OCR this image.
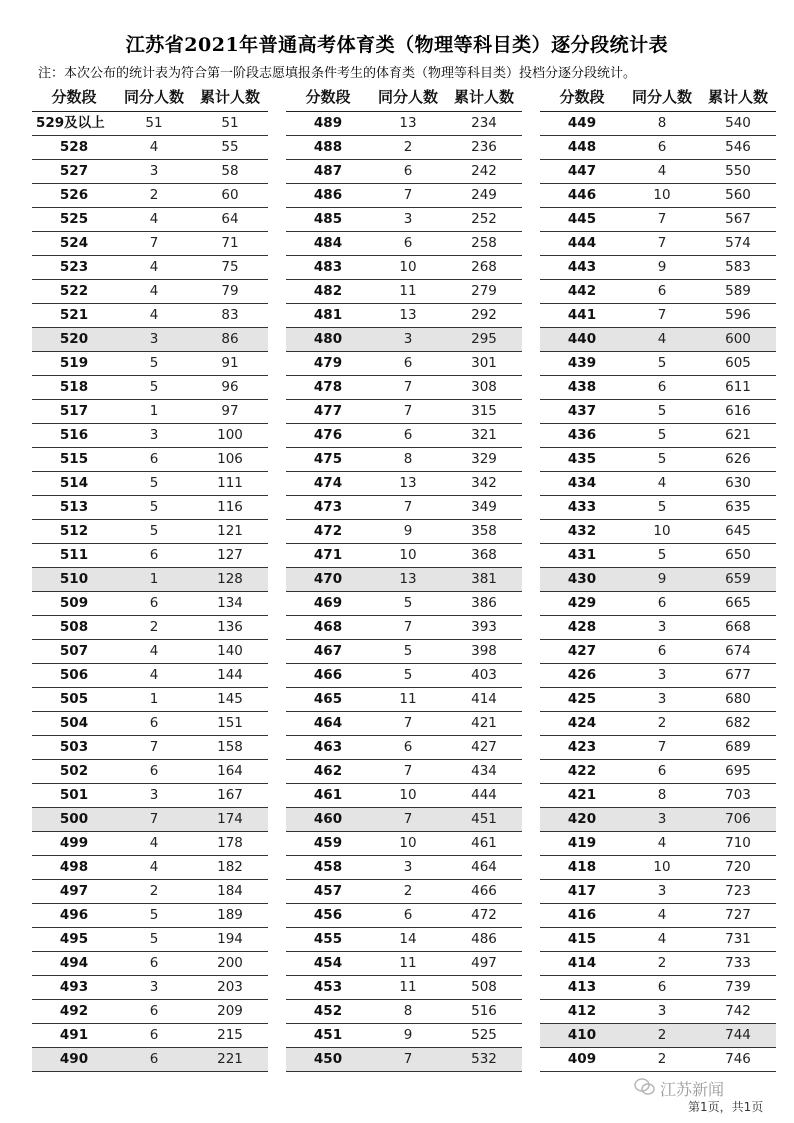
江苏省2021年普通高考体育类（物理等科目类）逐分段统计表
注：本次公布的统计表为符合第一阶段志愿填报条件考生的体育类（物理等科目类）投档分逐分段统计。
分数段	同分人数	累计人数
529及以上	51	51
528	4	55
527	3	58
526	2	60
525	4	64
524	7	71
523	4	75
522	4	79
521	4	83
520	3	86
519	5	91
518	5	96
517	1	97
516	3	100
515	6	106
514	5	111
513	5	116
512	5	121
511	6	127
510	1	128
509	6	134
508	2	136
507	4	140
506	4	144
505	1	145
504	6	151
503	7	158
502	6	164
501	3	167
500	7	174
499	4	178
498	4	182
497	2	184
496	5	189
495	5	194
494	6	200
493	3	203
492	6	209
491	6	215
490	6	221
分数段	同分人数	累计人数
489	13	234
488	2	236
487	6	242
486	7	249
485	3	252
484	6	258
483	10	268
482	11	279
481	13	292
480	3	295
479	6	301
478	7	308
477	7	315
476	6	321
475	8	329
474	13	342
473	7	349
472	9	358
471	10	368
470	13	381
469	5	386
468	7	393
467	5	398
466	5	403
465	11	414
464	7	421
463	6	427
462	7	434
461	10	444
460	7	451
459	10	461
458	3	464
457	2	466
456	6	472
455	14	486
454	11	497
453	11	508
452	8	516
451	9	525
450	7	532
分数段	同分人数	累计人数
449	8	540
448	6	546
447	4	550
446	10	560
445	7	567
444	7	574
443	9	583
442	6	589
441	7	596
440	4	600
439	5	605
438	6	611
437	5	616
436	5	621
435	5	626
434	4	630
433	5	635
432	10	645
431	5	650
430	9	659
429	6	665
428	3	668
427	6	674
426	3	677
425	3	680
424	2	682
423	7	689
422	6	695
421	8	703
420	3	706
419	4	710
418	10	720
417	3	723
416	4	727
415	4	731
414	2	733
413	6	739
412	3	742
410	2	744
409	2	746
江苏新闻
第1页，共1页
